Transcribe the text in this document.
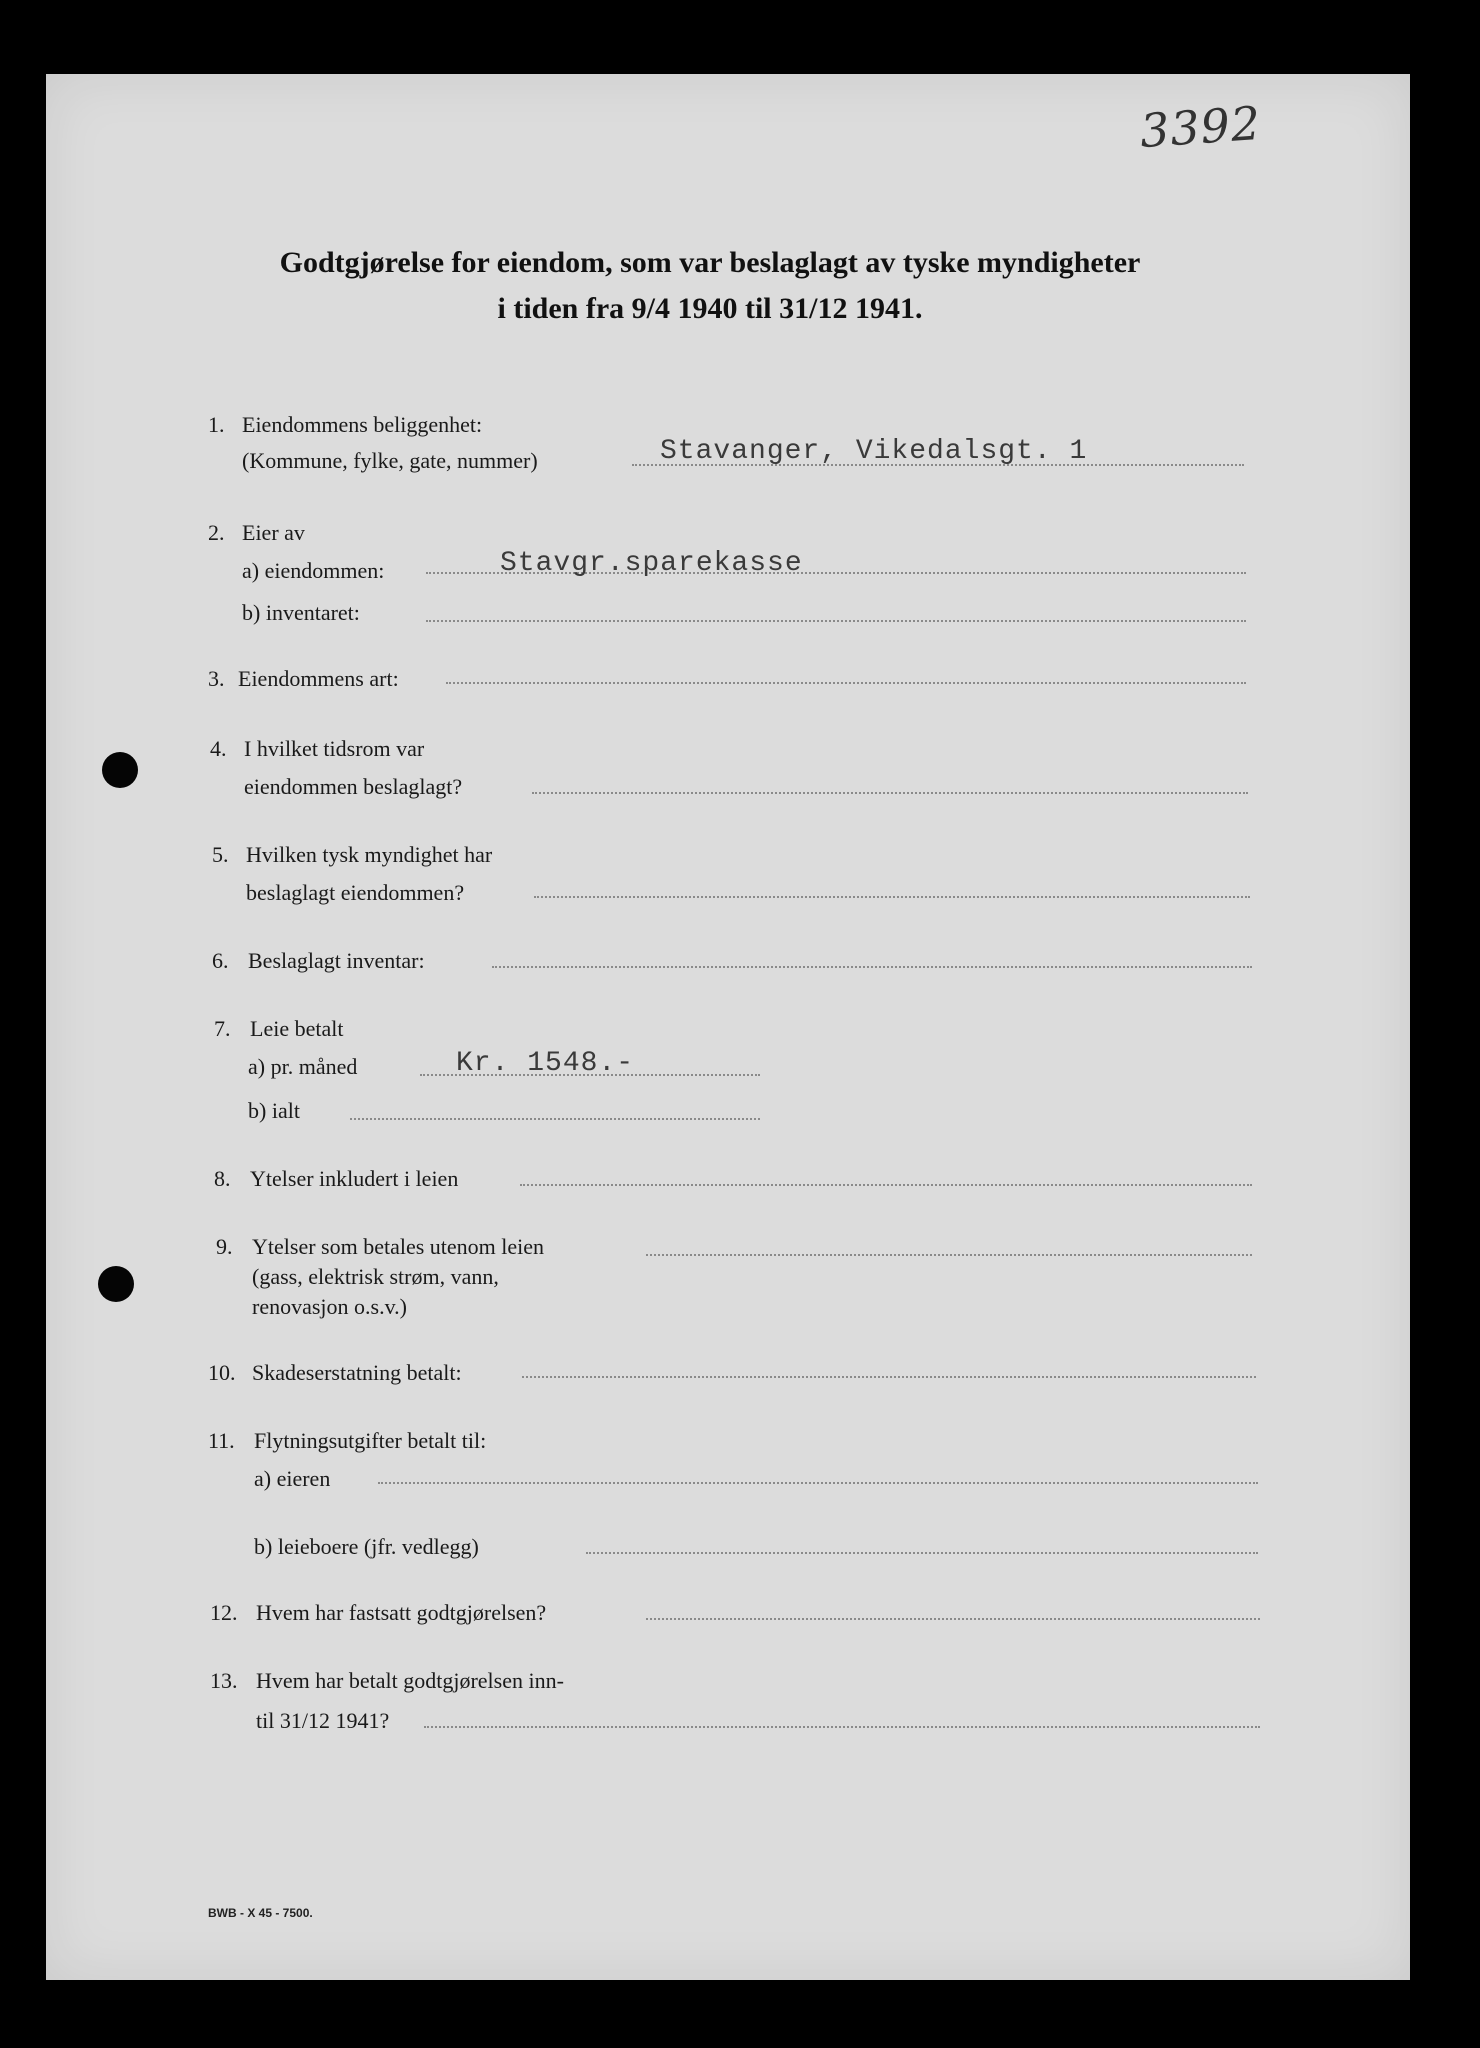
3392
Godtgjørelse for eiendom, som var beslaglagt av tyske myndigheter
i tiden fra 9/4 1940 til 31/12 1941.
1. Eiendommens beliggenhet:
(Kommune, fylke, gate, nummer)	Stavanger, Vikedalsgt. 1
2. Eier av
a) eiendommen:	Stavgr.sparekasse
b) inventaret:
3. Eiendommens art:
4. I hvilket tidsrom var
eiendommen beslaglagt?
5. Hvilken tysk myndighet har
beslaglagt eiendommen?
6. Beslaglagt inventar:
7. Leie betalt
a) pr. måned	Kr. 1548.-
b) ialt
8. Ytelser inkludert i leien
9. Ytelser som betales utenom leien
(gass, elektrisk strøm, vann,
renovasjon o.s.v.)
10. Skadeserstatning betalt:
11. Flytningsutgifter betalt til:
a) eieren
b) leieboere (jfr. vedlegg)
12. Hvem har fastsatt godtgjørelsen?
13. Hvem har betalt godtgjørelsen inn-
til 31/12 1941?
BWB - X 45 - 7500.
